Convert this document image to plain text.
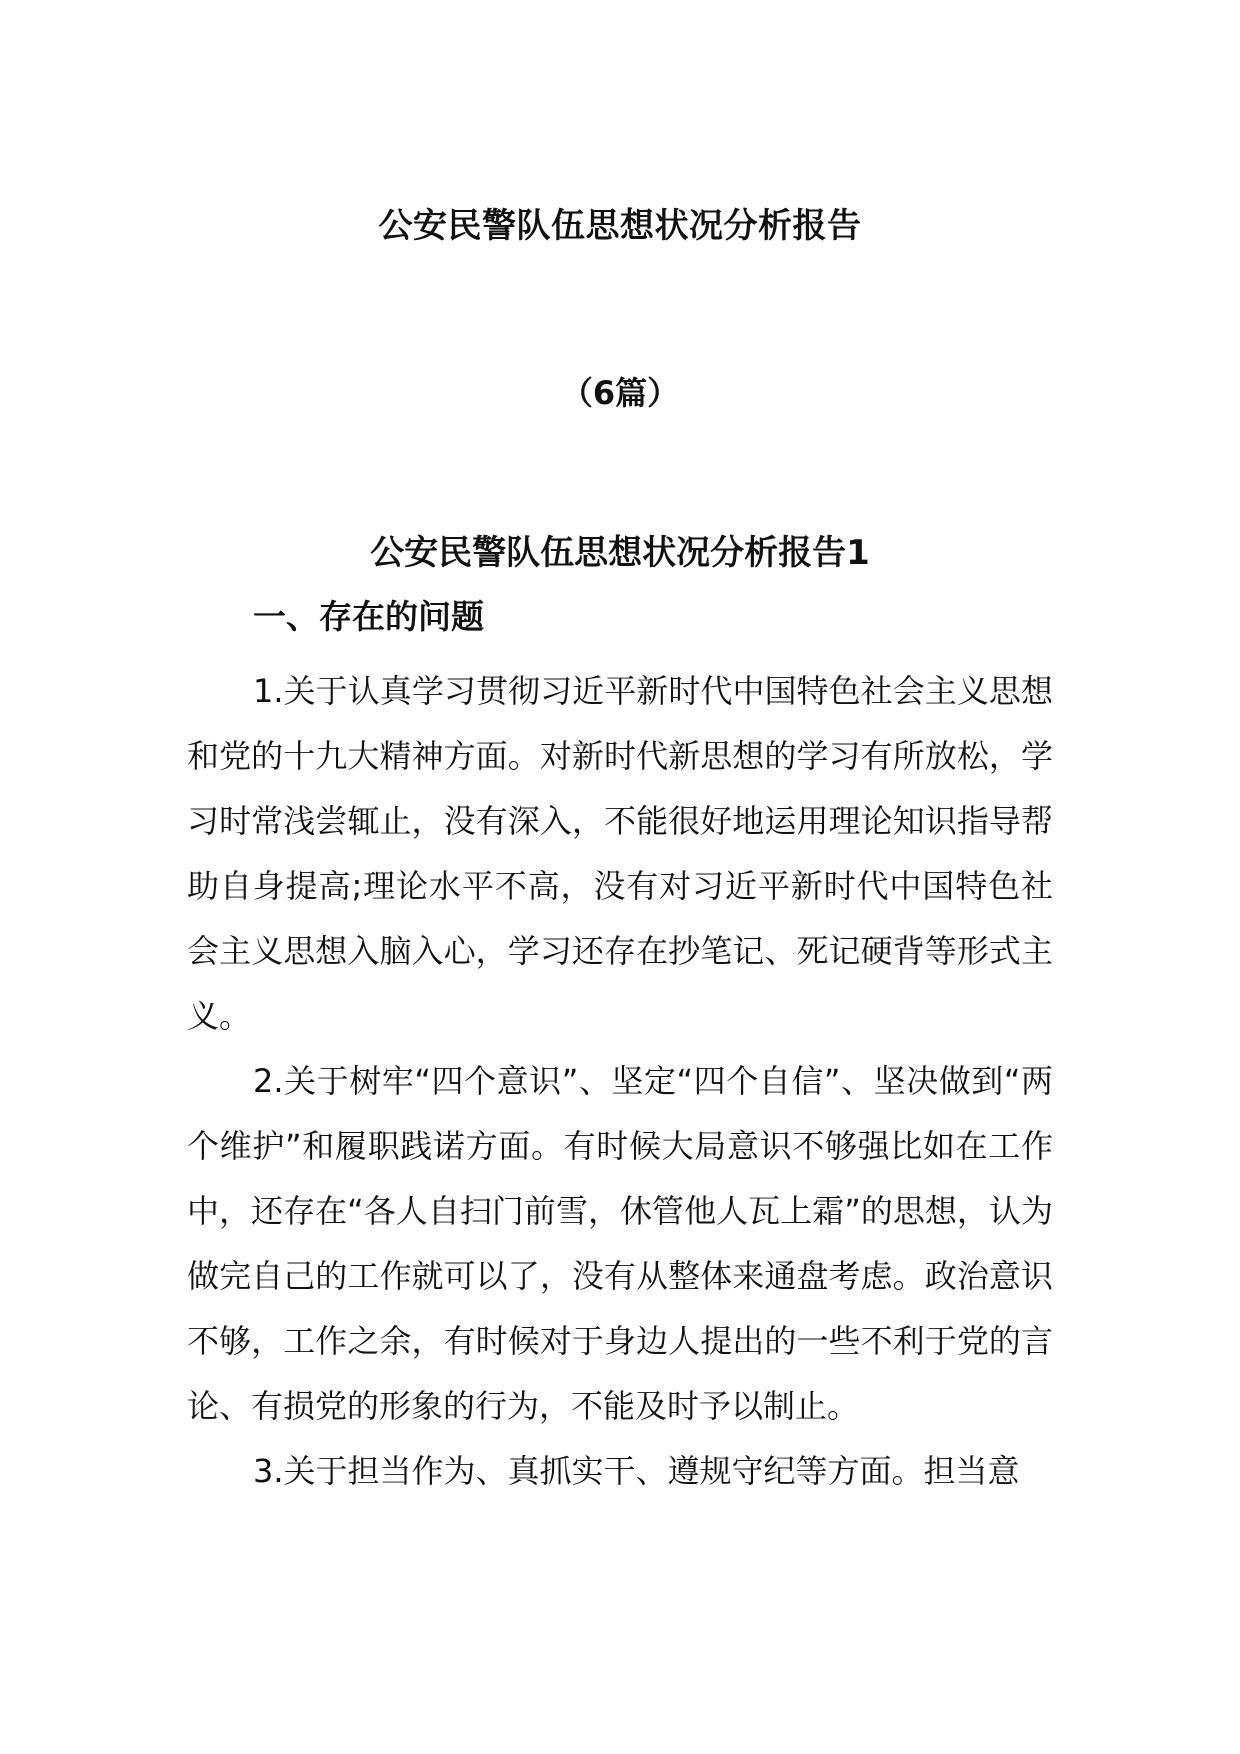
公安民警队伍思想状况分析报告
（6篇）
公安民警队伍思想状况分析报告1
一、存在的问题

1.关于认真学习贯彻习近平新时代中国特色社会主义思想和党的十九大精神方面。对新时代新思想的学习有所放松，学习时常浅尝辄止，没有深入，不能很好地运用理论知识指导帮助自身提高;理论水平不高，没有对习近平新时代中国特色社会主义思想入脑入心，学习还存在抄笔记、死记硬背等形式主义。

2.关于树牢“四个意识”、坚定“四个自信”、坚决做到“两个维护”和履职践诺方面。有时候大局意识不够强比如在工作中，还存在“各人自扫门前雪，休管他人瓦上霜”的思想，认为做完自己的工作就可以了，没有从整体来通盘考虑。政治意识不够，工作之余，有时候对于身边人提出的一些不利于党的言论、有损党的形象的行为，不能及时予以制止。

3.关于担当作为、真抓实干、遵规守纪等方面。担当意
